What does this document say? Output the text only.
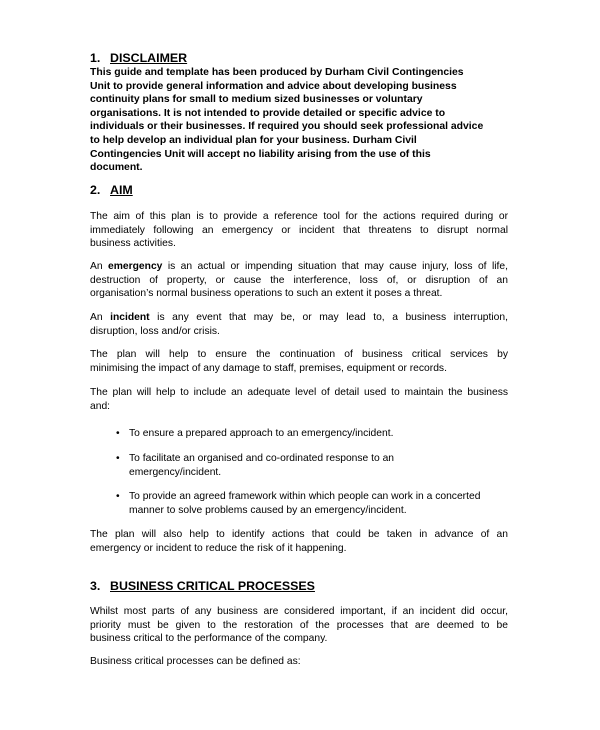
1. DISCLAIMER
This guide and template has been produced by Durham Civil Contingencies
Unit to provide general information and advice about developing business
continuity plans for small to medium sized businesses or voluntary
organisations. It is not intended to provide detailed or specific advice to
individuals or their businesses. If required you should seek professional advice
to help develop an individual plan for your business. Durham Civil
Contingencies Unit will accept no liability arising from the use of this
document.
2. AIM
The aim of this plan is to provide a reference tool for the actions required during or
immediately following an emergency or incident that threatens to disrupt normal
business activities.
An emergency is an actual or impending situation that may cause injury, loss of life,
destruction of property, or cause the interference, loss of, or disruption of an
organisation’s normal business operations to such an extent it poses a threat.
An incident is any event that may be, or may lead to, a business interruption,
disruption, loss and/or crisis.
The plan will help to ensure the continuation of business critical services by
minimising the impact of any damage to staff, premises, equipment or records.
The plan will help to include an adequate level of detail used to maintain the business
and:
• To ensure a prepared approach to an emergency/incident.
• To facilitate an organised and co-ordinated response to an
emergency/incident.
• To provide an agreed framework within which people can work in a concerted
manner to solve problems caused by an emergency/incident.
The plan will also help to identify actions that could be taken in advance of an
emergency or incident to reduce the risk of it happening.
3. BUSINESS CRITICAL PROCESSES
Whilst most parts of any business are considered important, if an incident did occur,
priority must be given to the restoration of the processes that are deemed to be
business critical to the performance of the company.
Business critical processes can be defined as:
